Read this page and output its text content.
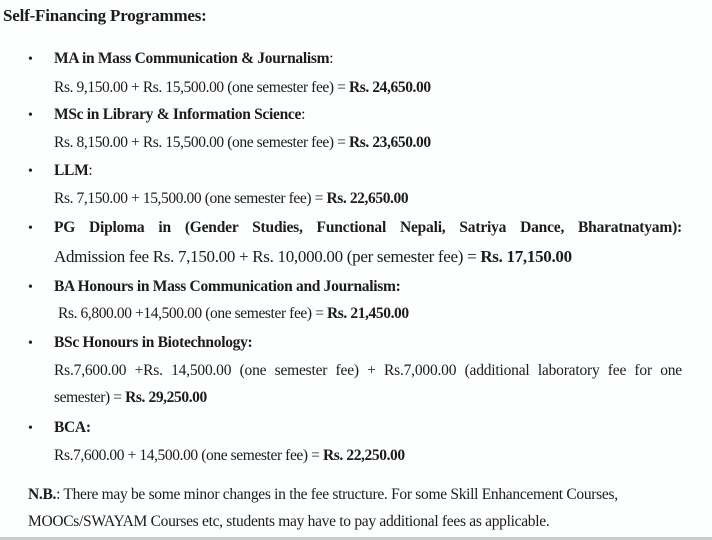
Self-Financing Programmes:
• MA in Mass Communication & Journalism:
Rs. 9,150.00 + Rs. 15,500.00 (one semester fee) = Rs. 24,650.00
• MSc in Library & Information Science:
Rs. 8,150.00 + Rs. 15,500.00 (one semester fee) = Rs. 23,650.00
• LLM:
Rs. 7,150.00 + 15,500.00 (one semester fee) = Rs. 22,650.00
• PG Diploma in (Gender Studies, Functional Nepali, Satriya Dance, Bharatnatyam):
Admission fee Rs. 7,150.00 + Rs. 10,000.00 (per semester fee) = Rs. 17,150.00
• BA Honours in Mass Communication and Journalism:
Rs. 6,800.00 +14,500.00 (one semester fee) = Rs. 21,450.00
• BSc Honours in Biotechnology:
Rs.7,600.00 +Rs. 14,500.00 (one semester fee) + Rs.7,000.00 (additional laboratory fee for one
semester) = Rs. 29,250.00
• BCA:
Rs.7,600.00 + 14,500.00 (one semester fee) = Rs. 22,250.00
N.B.: There may be some minor changes in the fee structure. For some Skill Enhancement Courses,
MOOCs/SWAYAM Courses etc, students may have to pay additional fees as applicable.
